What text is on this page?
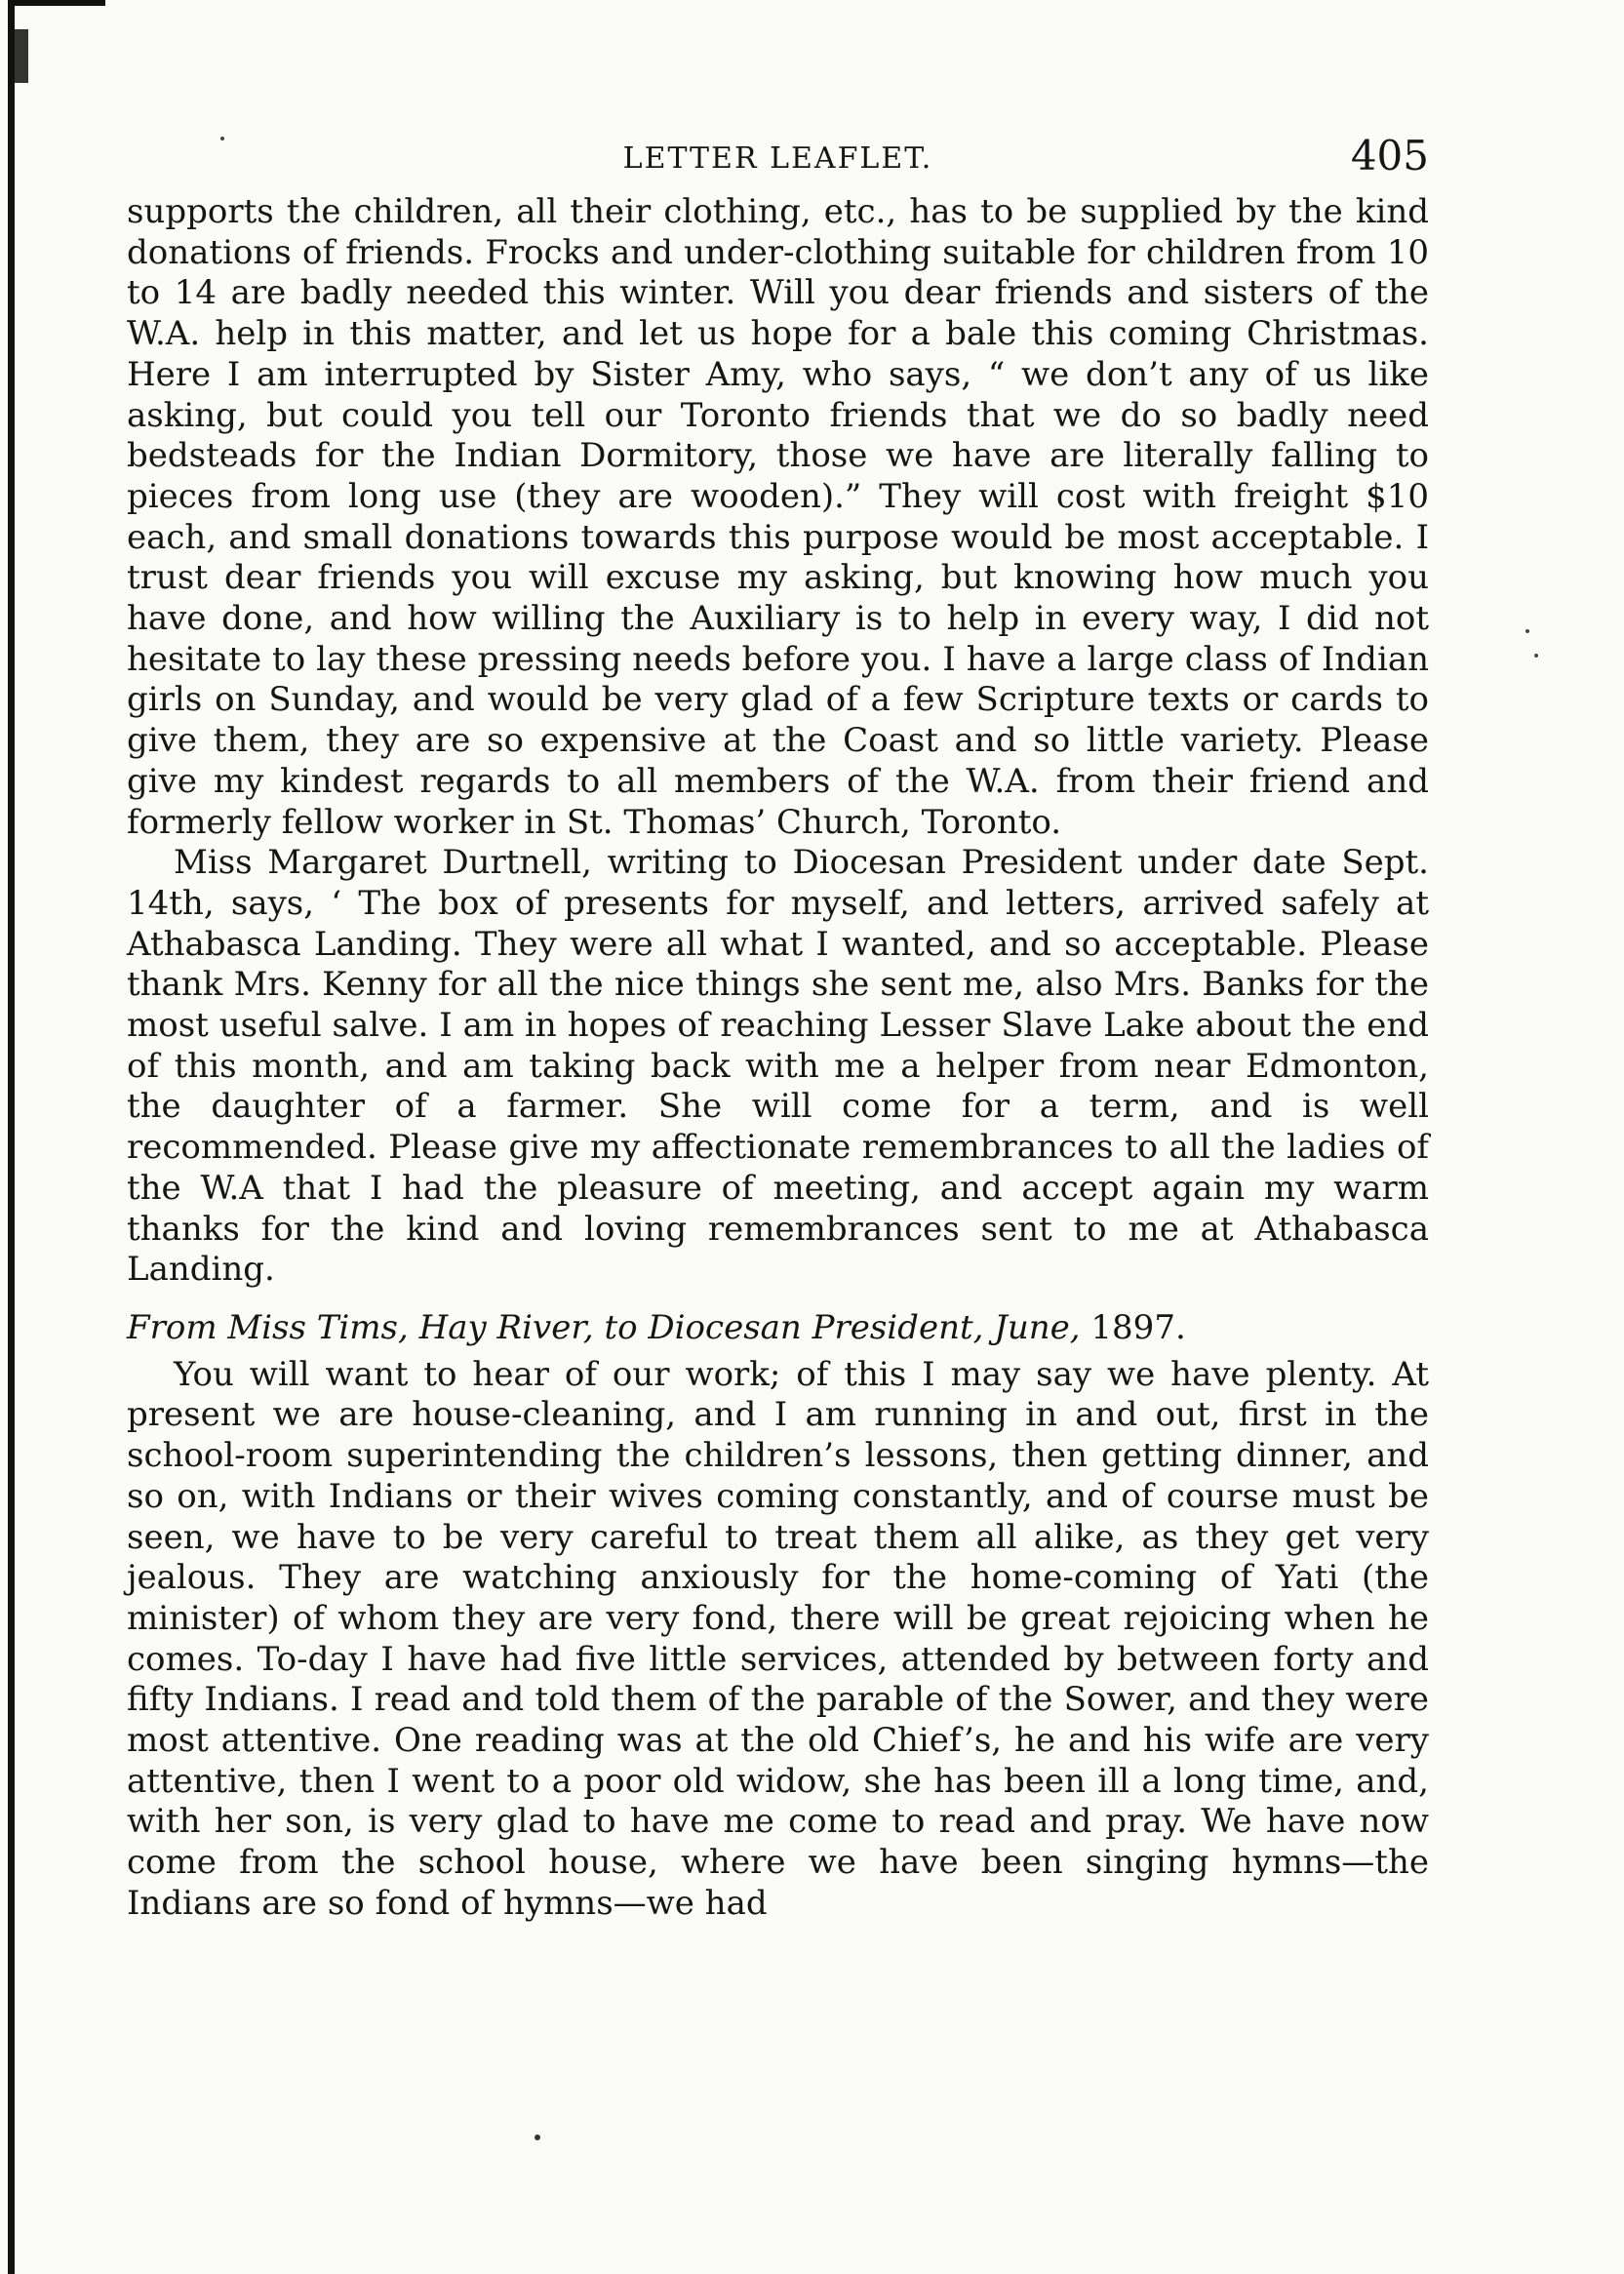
LETTER LEAFLET.	405

supports the children, all their clothing, etc., has to be supplied by the kind donations of friends. Frocks and under-clothing suitable for children from 10 to 14 are badly needed this winter. Will you dear friends and sisters of the W.A. help in this matter, and let us hope for a bale this coming Christmas. Here I am interrupted by Sister Amy, who says, “ we don’t any of us like asking, but could you tell our Toronto friends that we do so badly need bedsteads for the Indian Dormitory, those we have are literally falling to pieces from long use (they are wooden).” They will cost with freight $10 each, and small donations towards this purpose would be most acceptable. I trust dear friends you will excuse my asking, but knowing how much you have done, and how willing the Auxiliary is to help in every way, I did not hesitate to lay these pressing needs before you. I have a large class of Indian girls on Sunday, and would be very glad of a few Scripture texts or cards to give them, they are so expensive at the Coast and so little variety. Please give my kindest regards to all members of the W.A. from their friend and formerly fellow worker in St. Thomas’ Church, Toronto.

Miss Margaret Durtnell, writing to Diocesan President under date Sept. 14th, says, ‘ The box of presents for myself, and letters, arrived safely at Athabasca Landing. They were all what I wanted, and so acceptable. Please thank Mrs. Kenny for all the nice things she sent me, also Mrs. Banks for the most useful salve. I am in hopes of reaching Lesser Slave Lake about the end of this month, and am taking back with me a helper from near Edmonton, the daughter of a farmer. She will come for a term, and is well recommended. Please give my affectionate remembrances to all the ladies of the W.A that I had the pleasure of meeting, and accept again my warm thanks for the kind and loving remembrances sent to me at Athabasca Landing.

From Miss Tims, Hay River, to Diocesan President, June, 1897.

You will want to hear of our work; of this I may say we have plenty. At present we are house-cleaning, and I am running in and out, first in the school-room superintending the children’s lessons, then getting dinner, and so on, with Indians or their wives coming constantly, and of course must be seen, we have to be very careful to treat them all alike, as they get very jealous. They are watching anxiously for the home-coming of Yati (the minister) of whom they are very fond, there will be great rejoicing when he comes. To-day I have had five little services, attended by between forty and fifty Indians. I read and told them of the parable of the Sower, and they were most attentive. One reading was at the old Chief’s, he and his wife are very attentive, then I went to a poor old widow, she has been ill a long time, and, with her son, is very glad to have me come to read and pray. We have now come from the school house, where we have been singing hymns—the Indians are so fond of hymns—we had
